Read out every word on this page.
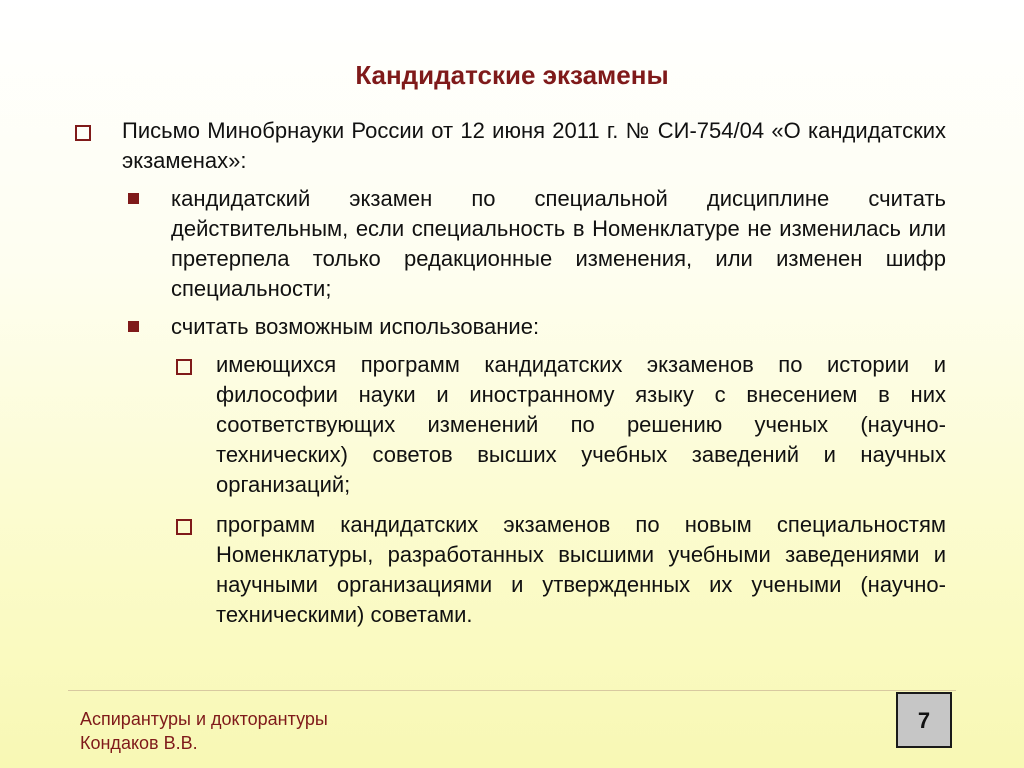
Кандидатские экзамены
Письмо Минобрнауки России от 12 июня 2011 г. № СИ-754/04 «О кандидатских экзаменах»:
кандидатский экзамен по специальной дисциплине считать действительным, если специальность в Номенклатуре не изменилась или претерпела только редакционные изменения, или изменен шифр специальности;
считать возможным использование:
имеющихся программ кандидатских экзаменов по истории и философии науки и иностранному языку с внесением в них соответствующих изменений по решению ученых (научно-технических) советов высших учебных заведений и научных организаций;
программ кандидатских экзаменов по новым специальностям Номенклатуры, разработанных высшими учебными заведениями и научными организациями и утвержденных их учеными (научно-техническими) советами.
Аспирантуры и докторантуры
Кондаков В.В.
7
